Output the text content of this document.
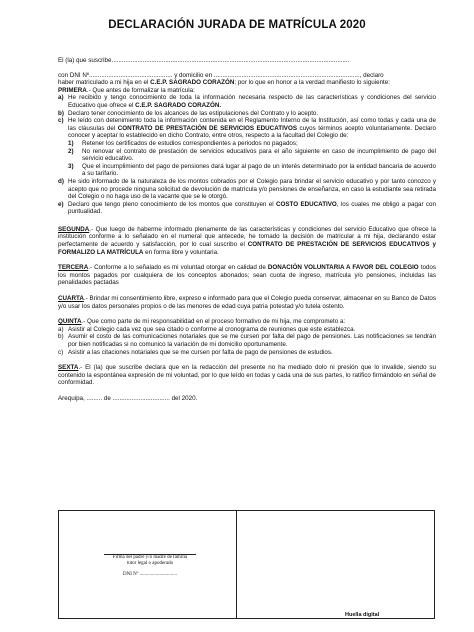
DECLARACIÓN JURADA DE MATRÍCULA 2020

El (la) que suscribe.........................................................................................................................................

con DNI Nº................................................ y domicilio en ...................................................................................., declaro

haber matriculado a mi hija en el C.E.P. SAGRADO CORAZÓN; por lo que en honor a la verdad manifiesto lo siguiente:

PRIMERA.- Que antes de formalizar la matrícula:

a) He recibido y tengo conocimiento de toda la información necesaria respecto de las características y condiciones del servicio Educativo que ofrece el C.E.P. SAGRADO CORAZÓN.
b) Declaro tener conocimiento de los alcances de las estipulaciones del Contrato y lo acepto.
c) He leído con detenimiento toda la información contenida en el Reglamento Interno de la Institución, así como todas y cada una de las cláusulas del CONTRATO DE PRESTACIÓN DE SERVICIOS EDUCATIVOS cuyos términos acepto voluntariamente. Declaro conocer y aceptar lo establecido en dicho Contrato, entre otros, respecto a la facultad del Colegio de:
1)	Retener los certificados de estudios correspondientes a periodos no pagados;
2)	No renovar el contrato de prestación de servicios educativos para el año siguiente en caso de incumplimiento de pago del servicio educativo.
3)	Que el incumplimiento del pago de pensiones dará lugar al pago de un interés determinado por la entidad bancaria de acuerdo a su tarifario.
d) He sido informado de la naturaleza de los montos cobrados por el Colegio para brindar el servicio educativo y por tanto conozco y acepto que no procede ninguna solicitud de devolución de matrícula y/o pensiones de enseñanza, en caso la estudiante sea retirada del Colegio o no haga uso de la vacante que se le otorgó.
e) Declaro que tengo pleno conocimiento de los montos que constituyen el COSTO EDUCATIVO, los cuales me obligo a pagar con puntualidad.

SEGUNDA.- Que luego de haberme informado plenamente de las características y condiciones del servicio Educativo que ofrece la institución conforme a lo señalado en el numeral que antecede, he tomado la decisión de matricular a mi hija, declarando estar perfectamente de acuerdo y satisfacción, por lo cual suscribo el CONTRATO DE PRESTACIÓN DE SERVICIOS EDUCATIVOS y FORMALIZO LA MATRÍCULA en forma libre y voluntaria.

TERCERA.- Conforme a lo señalado es mi voluntad otorgar en calidad de DONACIÓN VOLUNTARIA A FAVOR DEL COLEGIO todos los montos pagados por cualquiera de los conceptos abonados; sean cuota de ingreso, matrícula y/o pensiones, incluidas las penalidades pactadas

CUARTA.- Brindar mi consentimiento libre, expreso e informado para que el Colegio pueda conservar, almacenar en su Banco de Datos y/o usar los datos personales propios o de las menores de edad cuya patria potestad y/o tutela ostento.

QUINTA.- Que como parte de mi responsabilidad en el proceso formativo de mi hija, me comprometo a:

a) Asistir al Colegio cada vez que sea citado o conforme al cronograma de reuniones que este establezca.
b) Asumir el costo de las comunicaciones notariales que se me cursen por falta del pago de pensiones. Las notificaciones se tendrán por bien notificadas si no comunico la variación de mi domicilio oportunamente.
c) Asistir a las citaciones notariales que se me cursen por falta de pago de pensiones de estudios.

SEXTA.- El (la) que suscribe declara que en la redacción del presente no ha mediado dolo ni presión que lo invalide, siendo su contenido la espontánea expresión de mi voluntad, por lo que leído en todas y cada una de sus partes, lo ratifico firmándolo en señal de conformidad.

Arequipa, ......... de ................................. del 2020.

Firma del padre y/o madre de familia
tutor legal o apoderado
DNI Nº ..............................
Huella digital
